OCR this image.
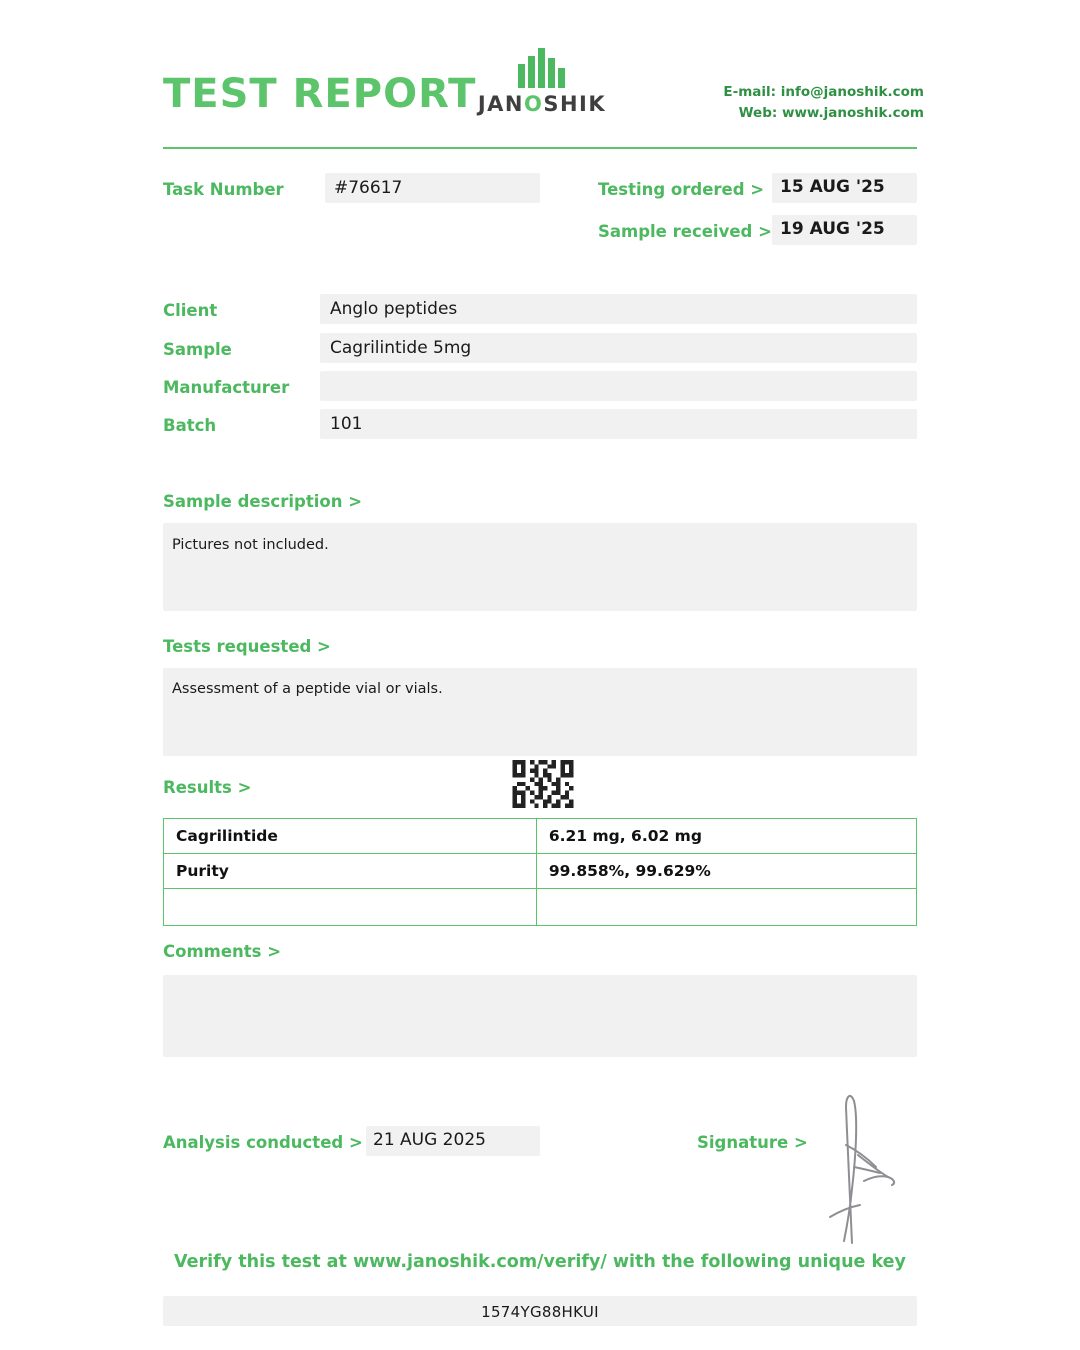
TEST REPORT JANOSHIK	E-mail: info@janoshik.com
Web: www.janoshik.com
Task Number	#76617	Testing ordered > 15 AUG '25
Sample received > 19 AUG '25
Client	Anglo peptides
Sample	Cagrilintide 5mg
Manufacturer
Batch	101
Sample description >
Pictures not included.
Tests requested >
Assessment of a peptide vial or vials.
Results >
Cagrilintide	6.21 mg, 6.02 mg
Purity	99.858%, 99.629%

Comments >
Analysis conducted > 21 AUG 2025	Signature >
Verify this test at www.janoshik.com/verify/ with the following unique key
1574YG88HKUI
